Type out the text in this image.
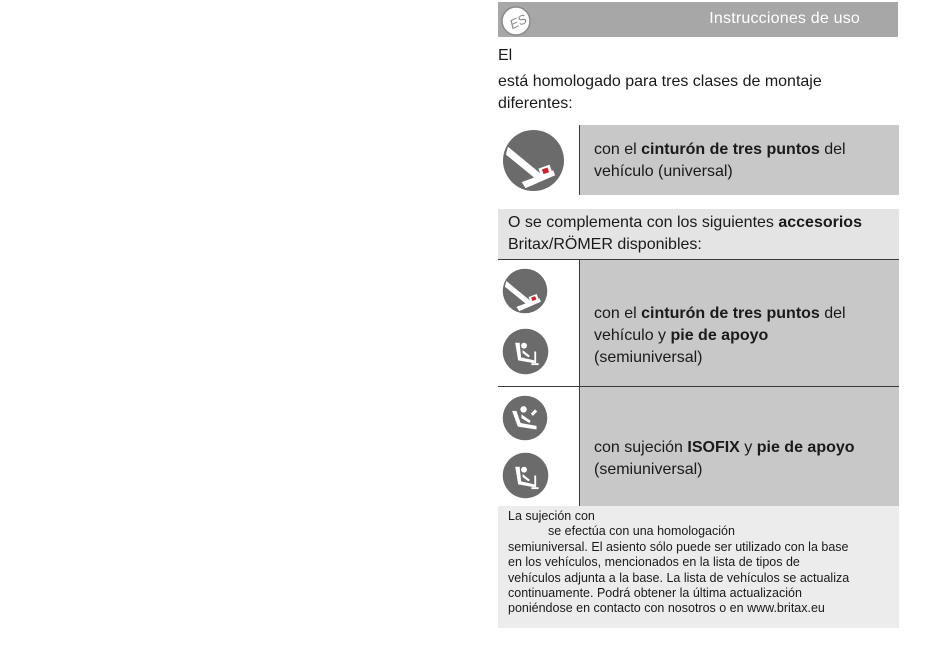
ES	Instrucciones de uso
El
está homologado para tres clases de montaje
diferentes:
con el cinturón de tres puntos del
vehículo (universal)
O se complementa con los siguientes accesorios
Britax/RÖMER disponibles:
con el cinturón de tres puntos del
vehículo y pie de apoyo
(semiuniversal)
con sujeción ISOFIX y pie de apoyo
(semiuniversal)
La sujeción con
se efectúa con una homologación
semiuniversal. El asiento sólo puede ser utilizado con la base
en los vehículos, mencionados en la lista de tipos de
vehículos adjunta a la base. La lista de vehículos se actualiza
continuamente. Podrá obtener la última actualización
poniéndose en contacto con nosotros o en www.britax.eu
